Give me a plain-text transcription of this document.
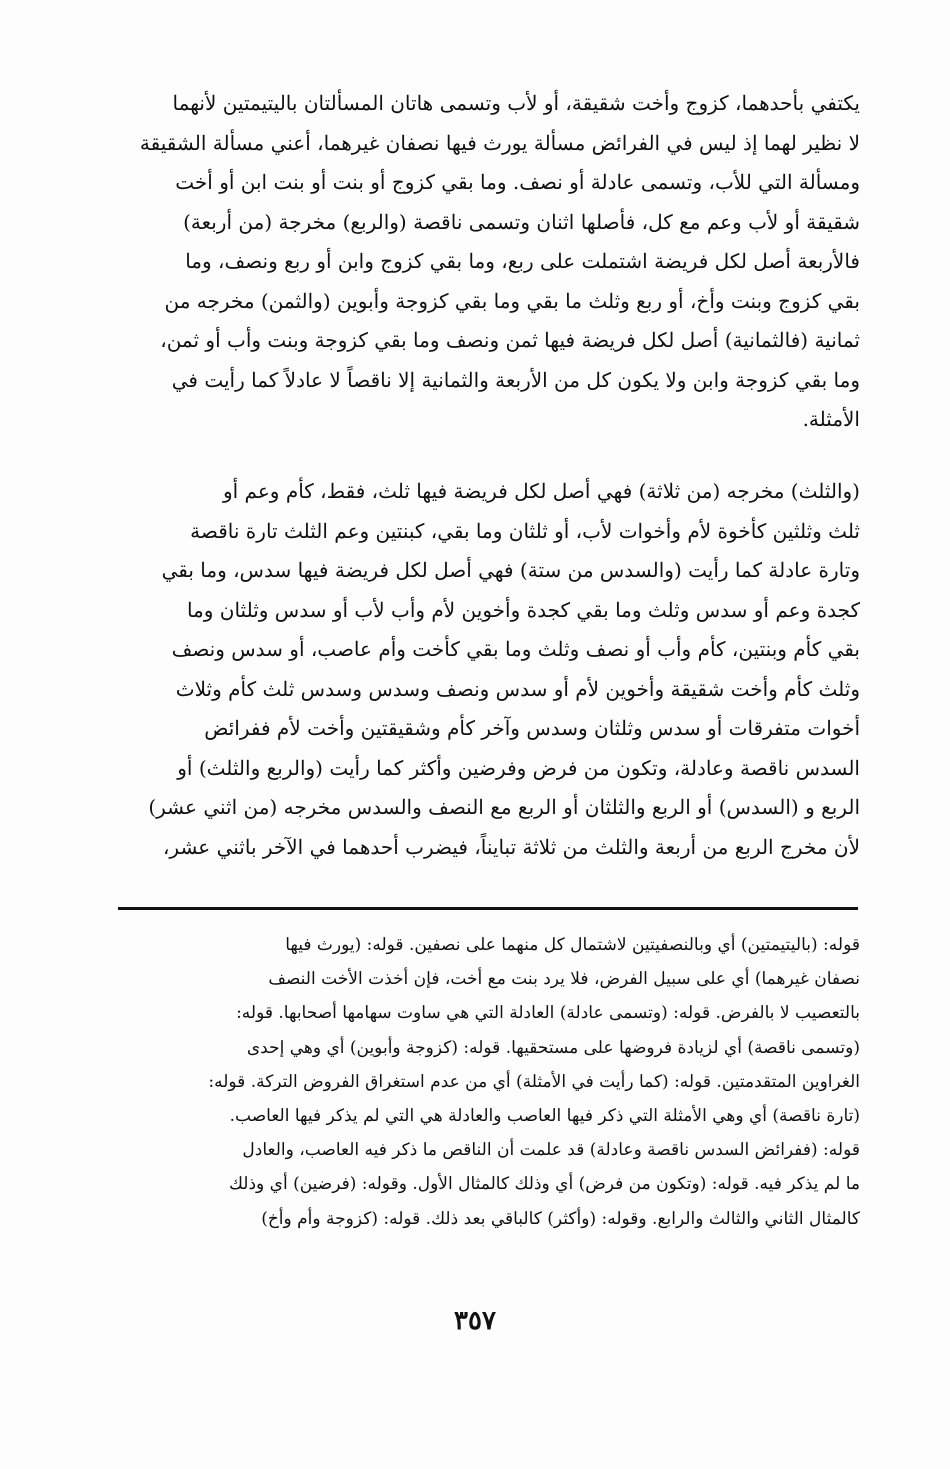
يكتفي بأحدهما، كزوج وأخت شقيقة، أو لأب وتسمى هاتان المسألتان باليتيمتين لأنهما
لا نظير لهما إذ ليس في الفرائض مسألة يورث فيها نصفان غيرهما، أعني مسألة الشقيقة
ومسألة التي للأب، وتسمى عادلة أو نصف. وما بقي كزوج أو بنت أو بنت ابن أو أخت
شقيقة أو لأب وعم مع كل، فأصلها اثنان وتسمى ناقصة (والربع) مخرجة (من أربعة)
فالأربعة أصل لكل فريضة اشتملت على ربع، وما بقي كزوج وابن أو ربع ونصف، وما
بقي كزوج وبنت وأخ، أو ربع وثلث ما بقي وما بقي كزوجة وأبوين (والثمن) مخرجه من
ثمانية (فالثمانية) أصل لكل فريضة فيها ثمن ونصف وما بقي كزوجة وبنت وأب أو ثمن،
وما بقي كزوجة وابن ولا يكون كل من الأربعة والثمانية إلا ناقصاً لا عادلاً كما رأيت في
الأمثلة.
(والثلث) مخرجه (من ثلاثة) فهي أصل لكل فريضة فيها ثلث، فقط، كأم وعم أو
ثلث وثلثين كأخوة لأم وأخوات لأب، أو ثلثان وما بقي، كبنتين وعم الثلث تارة ناقصة
وتارة عادلة كما رأيت (والسدس من ستة) فهي أصل لكل فريضة فيها سدس، وما بقي
كجدة وعم أو سدس وثلث وما بقي كجدة وأخوين لأم وأب لأب أو سدس وثلثان وما
بقي كأم وبنتين، كأم وأب أو نصف وثلث وما بقي كأخت وأم عاصب، أو سدس ونصف
وثلث كأم وأخت شقيقة وأخوين لأم أو سدس ونصف وسدس وسدس ثلث كأم وثلاث
أخوات متفرقات أو سدس وثلثان وسدس وآخر كأم وشقيقتين وأخت لأم ففرائض
السدس ناقصة وعادلة، وتكون من فرض وفرضين وأكثر كما رأيت (والربع والثلث) أو
الربع و (السدس) أو الربع والثلثان أو الربع مع النصف والسدس مخرجه (من اثني عشر)
لأن مخرج الربع من أربعة والثلث من ثلاثة تبايناً، فيضرب أحدهما في الآخر باثني عشر،
قوله: (باليتيمتين) أي وبالنصفيتين لاشتمال كل منهما على نصفين. قوله: (يورث فيها
نصفان غيرهما) أي على سبيل الفرض، فلا يرد بنت مع أخت، فإن أخذت الأخت النصف
بالتعصيب لا بالفرض. قوله: (وتسمى عادلة) العادلة التي هي ساوت سهامها أصحابها. قوله:
(وتسمى ناقصة) أي لزيادة فروضها على مستحقيها. قوله: (كزوجة وأبوين) أي وهي إحدى
الغراوين المتقدمتين. قوله: (كما رأيت في الأمثلة) أي من عدم استغراق الفروض التركة. قوله:
(تارة ناقصة) أي وهي الأمثلة التي ذكر فيها العاصب والعادلة هي التي لم يذكر فيها العاصب.
قوله: (ففرائض السدس ناقصة وعادلة) قد علمت أن الناقص ما ذكر فيه العاصب، والعادل
ما لم يذكر فيه. قوله: (وتكون من فرض) أي وذلك كالمثال الأول. وقوله: (فرضين) أي وذلك
كالمثال الثاني والثالث والرابع. وقوله: (وأكثر) كالباقي بعد ذلك. قوله: (كزوجة وأم وأخ)
٣٥٧
